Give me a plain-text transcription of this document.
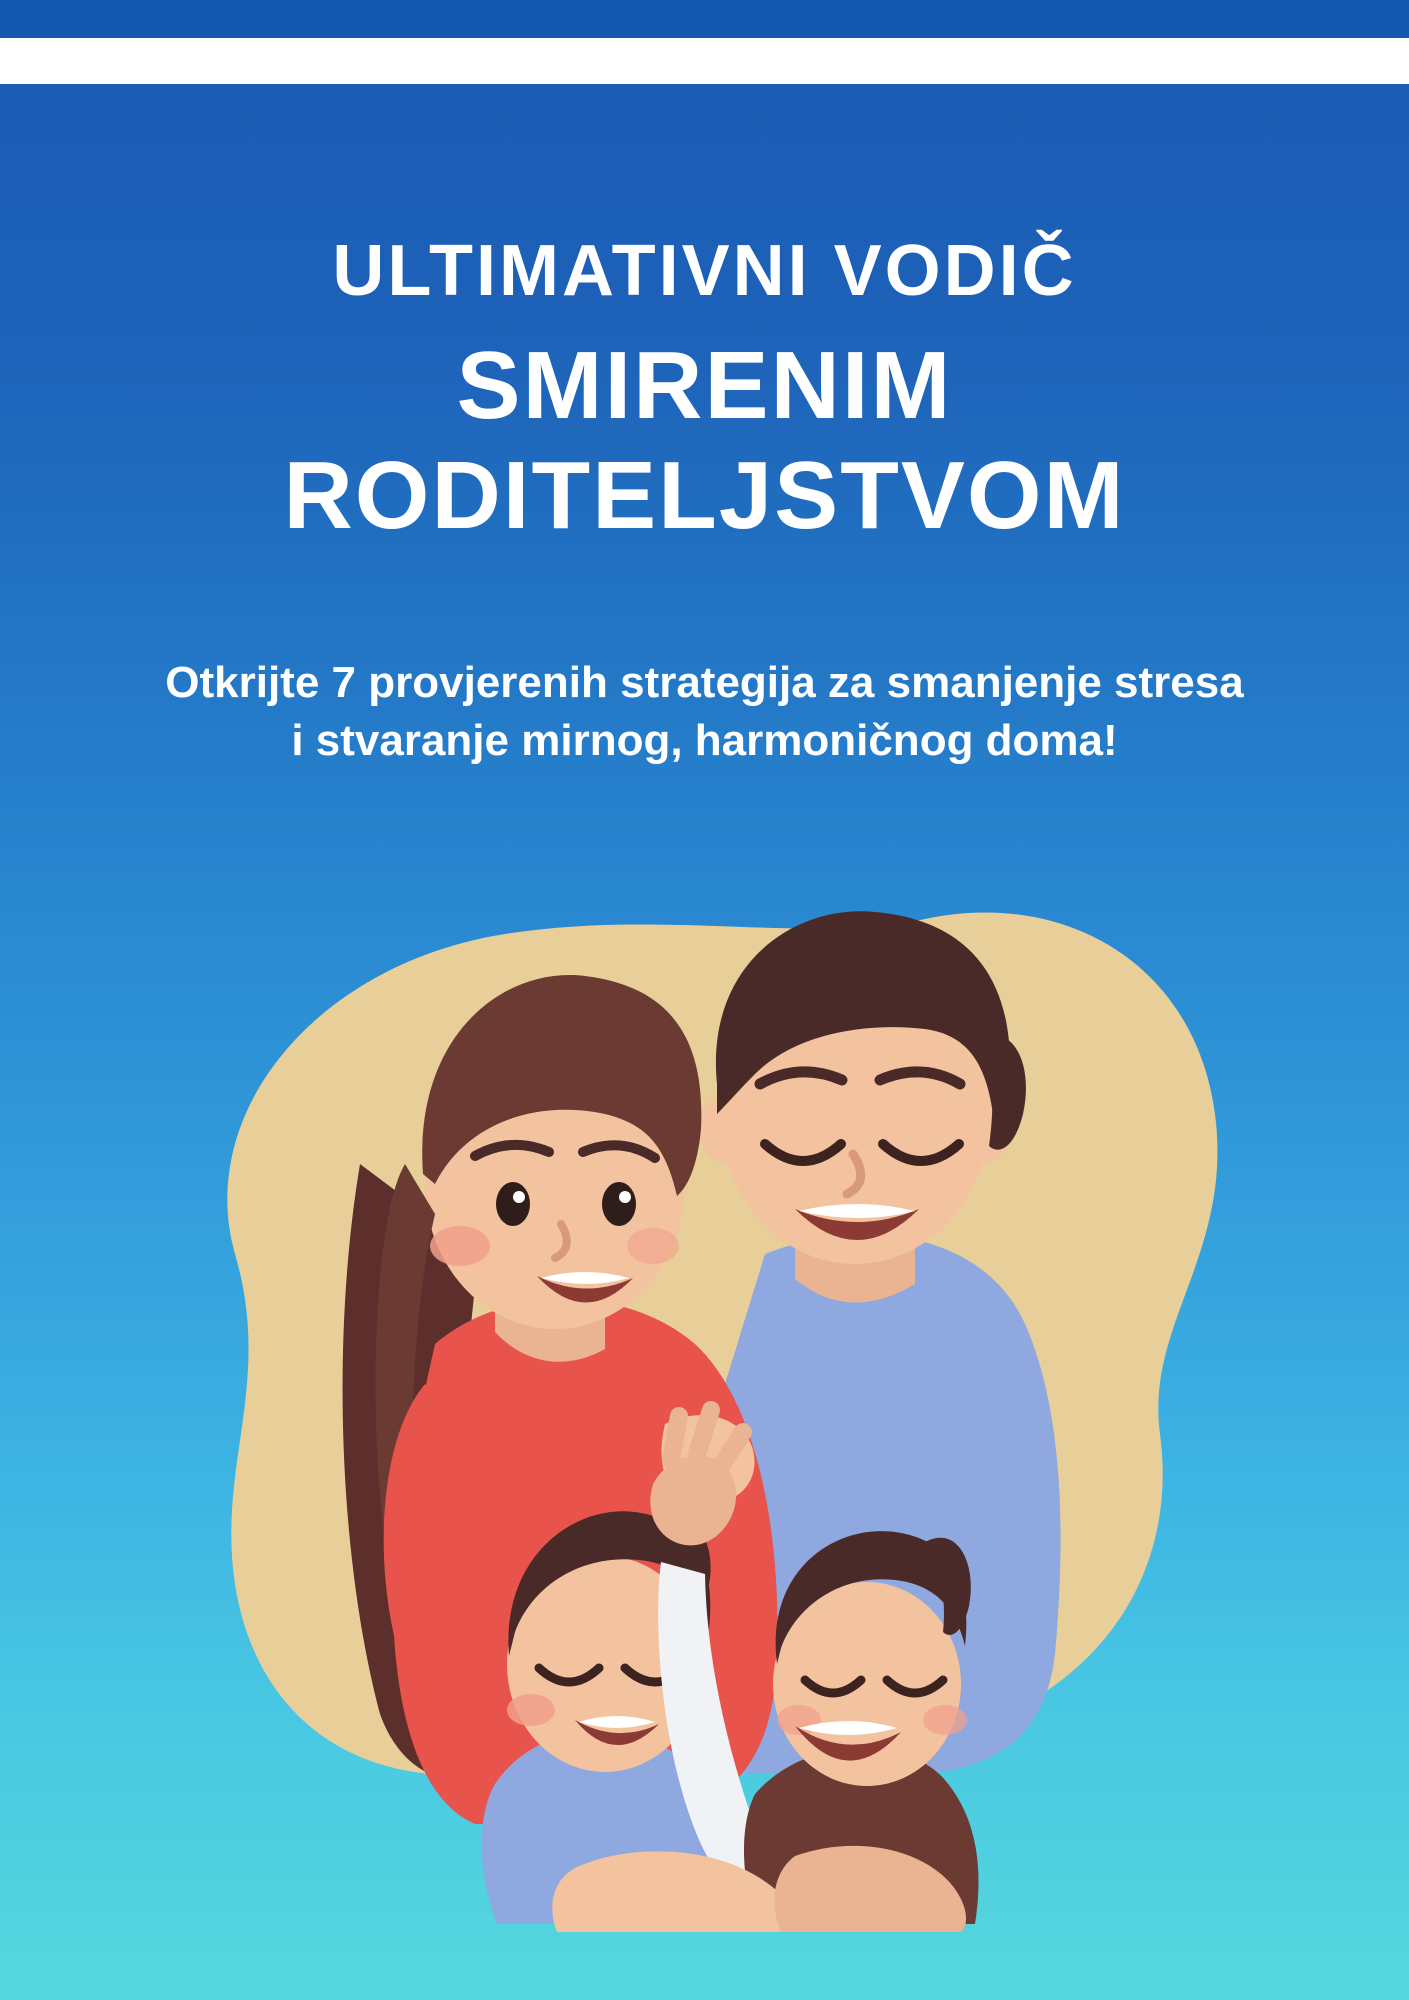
ULTIMATIVNI VODIČ
SMIRENIM
RODITELJSTVOM
Otkrijte 7 provjerenih strategija za smanjenje stresa i stvaranje mirnog, harmoničnog doma!
